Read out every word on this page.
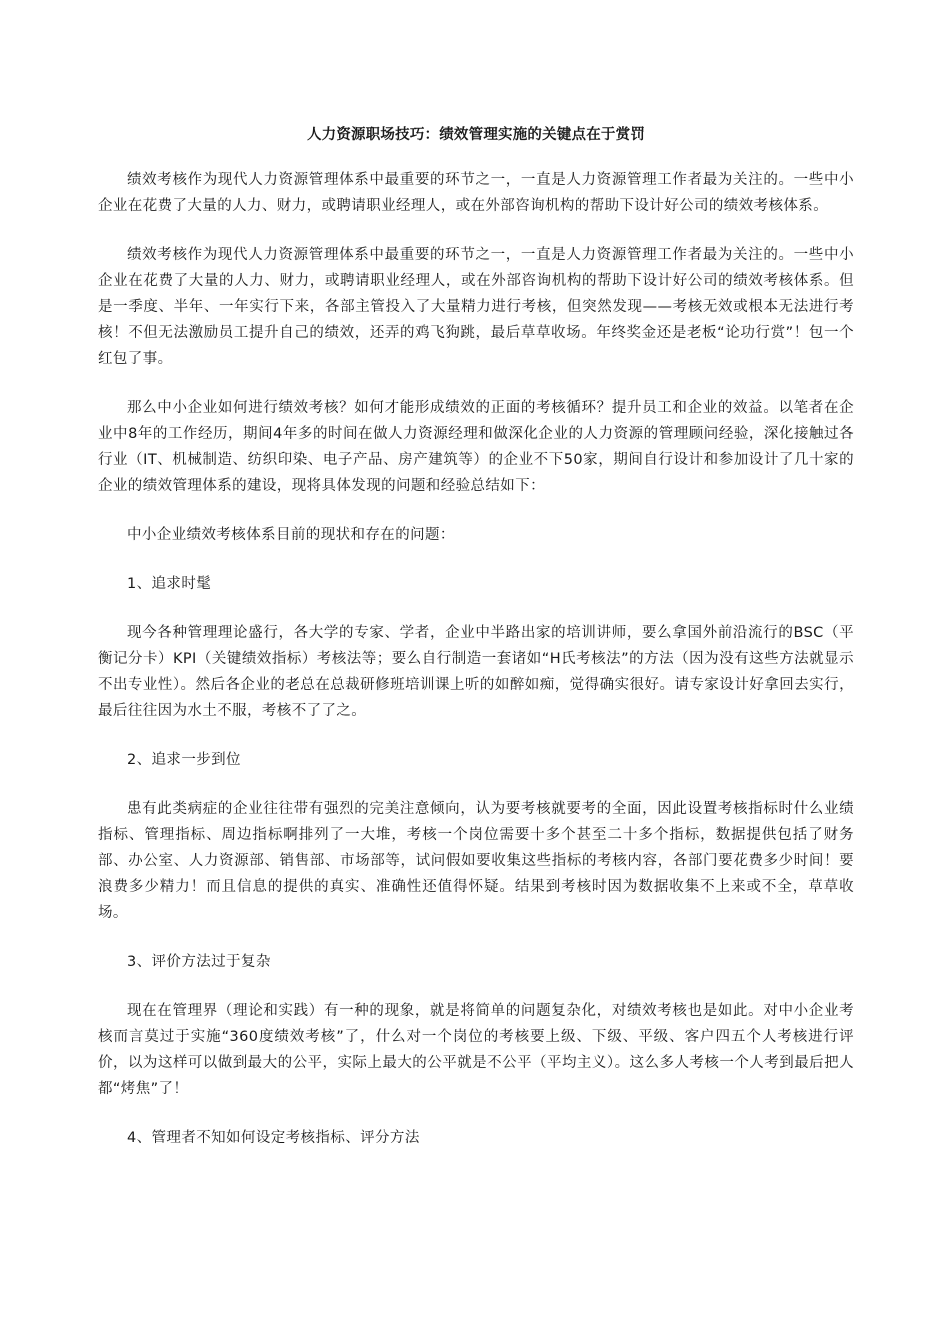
人力资源职场技巧：绩效管理实施的关键点在于赏罚

绩效考核作为现代人力资源管理体系中最重要的环节之一，一直是人力资源管理工作者最为关注的。一些中小企业在花费了大量的人力、财力，或聘请职业经理人，或在外部咨询机构的帮助下设计好公司的绩效考核体系。

绩效考核作为现代人力资源管理体系中最重要的环节之一，一直是人力资源管理工作者最为关注的。一些中小企业在花费了大量的人力、财力，或聘请职业经理人，或在外部咨询机构的帮助下设计好公司的绩效考核体系。但是一季度、半年、一年实行下来，各部主管投入了大量精力进行考核，但突然发现——考核无效或根本无法进行考核！不但无法激励员工提升自己的绩效，还弄的鸡飞狗跳，最后草草收场。年终奖金还是老板“论功行赏”！包一个红包了事。

那么中小企业如何进行绩效考核？如何才能形成绩效的正面的考核循环？提升员工和企业的效益。以笔者在企业中8年的工作经历，期间4年多的时间在做人力资源经理和做深化企业的人力资源的管理顾问经验，深化接触过各行业（IT、机械制造、纺织印染、电子产品、房产建筑等）的企业不下50家，期间自行设计和参加设计了几十家的企业的绩效管理体系的建设，现将具体发现的问题和经验总结如下：

中小企业绩效考核体系目前的现状和存在的问题：

1、追求时髦

现今各种管理理论盛行，各大学的专家、学者，企业中半路出家的培训讲师，要么拿国外前沿流行的BSC（平衡记分卡）KPI（关键绩效指标）考核法等；要么自行制造一套诸如“H氏考核法”的方法（因为没有这些方法就显示不出专业性）。然后各企业的老总在总裁研修班培训课上听的如醉如痴，觉得确实很好。请专家设计好拿回去实行，最后往往因为水土不服，考核不了了之。

2、追求一步到位

患有此类病症的企业往往带有强烈的完美注意倾向，认为要考核就要考的全面，因此设置考核指标时什么业绩指标、管理指标、周边指标啊排列了一大堆，考核一个岗位需要十多个甚至二十多个指标，数据提供包括了财务部、办公室、人力资源部、销售部、市场部等，试问假如要收集这些指标的考核内容，各部门要花费多少时间！要浪费多少精力！而且信息的提供的真实、准确性还值得怀疑。结果到考核时因为数据收集不上来或不全，草草收场。

3、评价方法过于复杂

现在在管理界（理论和实践）有一种的现象，就是将简单的问题复杂化，对绩效考核也是如此。对中小企业考核而言莫过于实施“360度绩效考核”了，什么对一个岗位的考核要上级、下级、平级、客户四五个人考核进行评价，以为这样可以做到最大的公平，实际上最大的公平就是不公平（平均主义）。这么多人考核一个人考到最后把人都“烤焦”了！

4、管理者不知如何设定考核指标、评分方法
